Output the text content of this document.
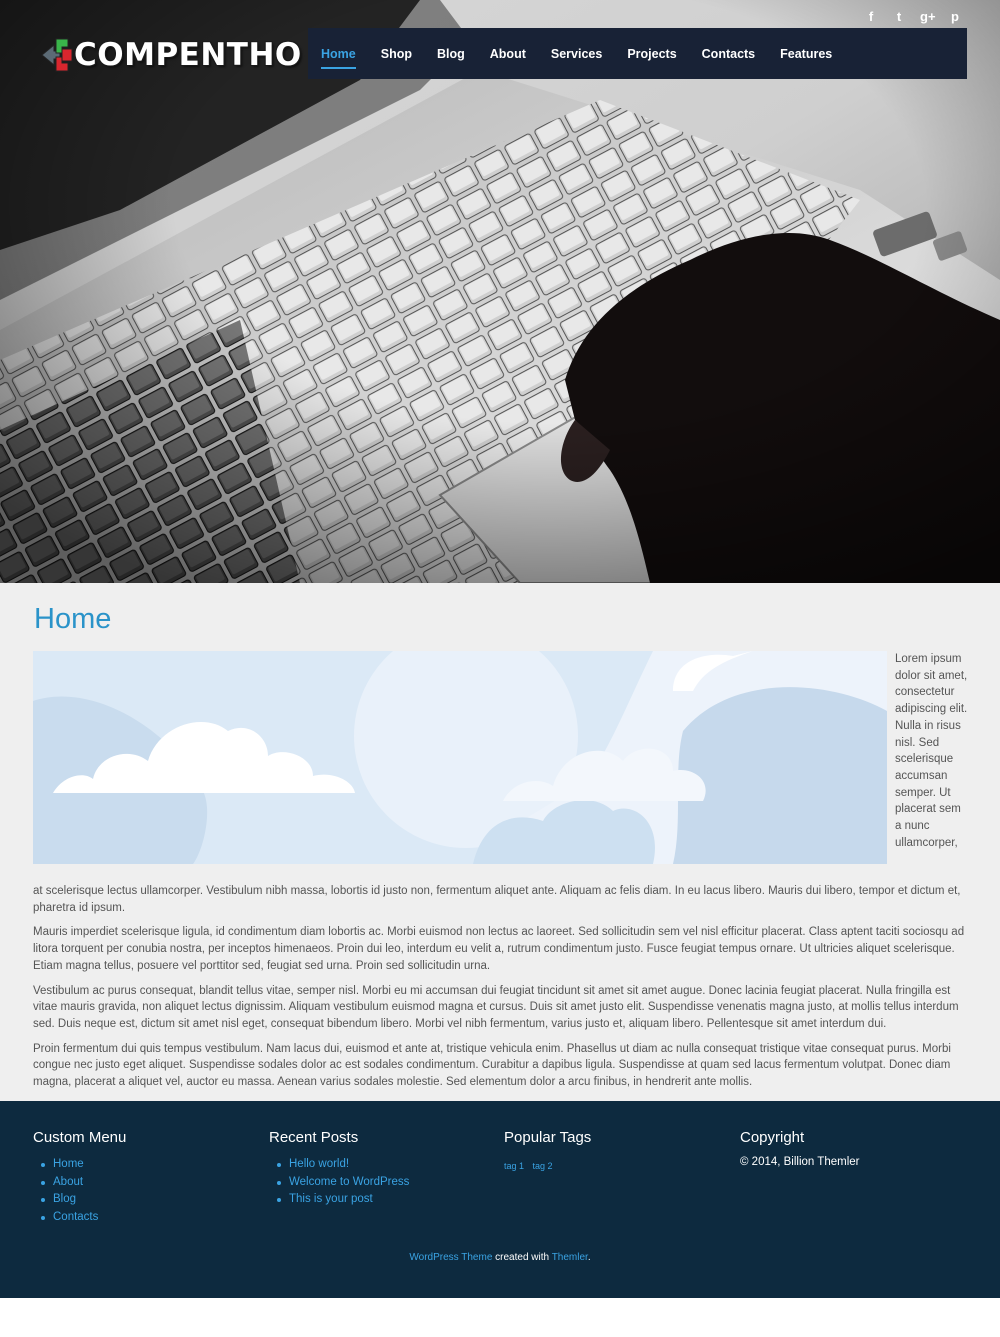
COMPENTHO
f	t	g+ p
Home Shop Blog About Services Projects Contacts Features
Home
Lorem ipsum dolor sit amet, consectetur adipiscing elit. Nulla in risus nisl. Sed scelerisque accumsan semper. Ut placerat sem a nunc ullamcorper,

at scelerisque lectus ullamcorper. Vestibulum nibh massa, lobortis id justo non, fermentum aliquet ante. Aliquam ac felis diam. In eu lacus libero. Mauris dui libero, tempor et dictum et, pharetra id ipsum.

Mauris imperdiet scelerisque ligula, id condimentum diam lobortis ac. Morbi euismod non lectus ac laoreet. Sed sollicitudin sem vel nisl efficitur placerat. Class aptent taciti sociosqu ad litora torquent per conubia nostra, per inceptos himenaeos. Proin dui leo, interdum eu velit a, rutrum condimentum justo. Fusce feugiat tempus ornare. Ut ultricies aliquet scelerisque. Etiam magna tellus, posuere vel porttitor sed, feugiat sed urna. Proin sed sollicitudin urna.

Vestibulum ac purus consequat, blandit tellus vitae, semper nisl. Morbi eu mi accumsan dui feugiat tincidunt sit amet sit amet augue. Donec lacinia feugiat placerat. Nulla fringilla est vitae mauris gravida, non aliquet lectus dignissim. Aliquam vestibulum euismod magna et cursus. Duis sit amet justo elit. Suspendisse venenatis magna justo, at mollis tellus interdum sed. Duis neque est, dictum sit amet nisl eget, consequat bibendum libero. Morbi vel nibh fermentum, varius justo et, aliquam libero. Pellentesque sit amet interdum dui.

Proin fermentum dui quis tempus vestibulum. Nam lacus dui, euismod et ante at, tristique vehicula enim. Phasellus ut diam ac nulla consequat tristique vitae consequat purus. Morbi congue nec justo eget aliquet. Suspendisse sodales dolor ac est sodales condimentum. Curabitur a dapibus ligula. Suspendisse at quam sed lacus fermentum volutpat. Donec diam magna, placerat a aliquet vel, auctor eu massa. Aenean varius sodales molestie. Sed elementum dolor a arcu finibus, in hendrerit ante mollis.

Custom Menu
Home
About
Blog
Contacts
Recent Posts
Hello world!
Welcome to WordPress
This is your post
Popular Tags
tag 1 tag 2
Copyright
© 2014, Billion Themler
WordPress Theme created with Themler.
